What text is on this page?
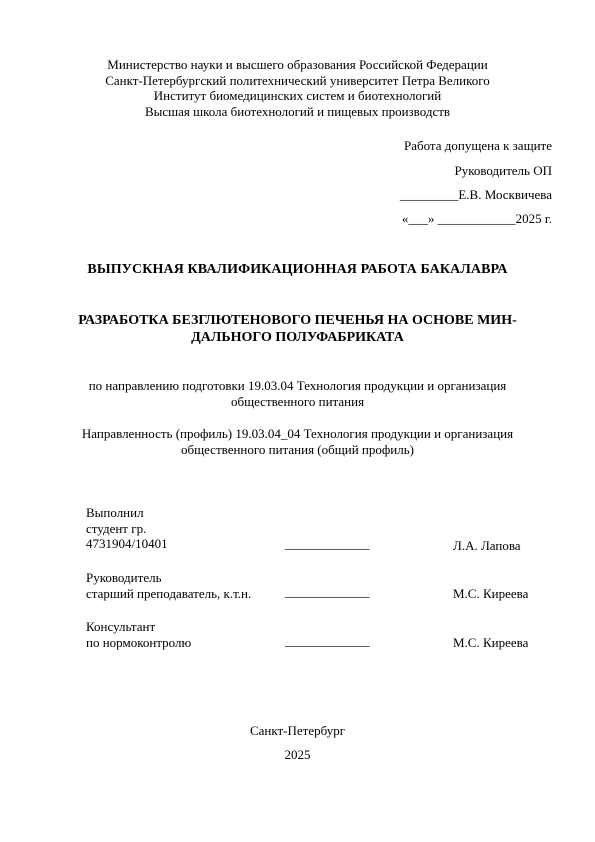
Министерство науки и высшего образования Российской Федерации
Санкт-Петербургский политехнический университет Петра Великого
Институт биомедицинских систем и биотехнологий
Высшая школа биотехнологий и пищевых производств
Работа допущена к защите
Руководитель ОП
_________Е.В. Москвичева
«___» ____________2025 г.
ВЫПУСКНАЯ КВАЛИФИКАЦИОННАЯ РАБОТА БАКАЛАВРА
РАЗРАБОТКА БЕЗГЛЮТЕНОВОГО ПЕЧЕНЬЯ НА ОСНОВЕ МИН-
ДАЛЬНОГО ПОЛУФАБРИКАТА
по направлению подготовки 19.03.04 Технология продукции и организация
общественного питания
Направленность (профиль) 19.03.04_04 Технология продукции и организация
общественного питания (общий профиль)
Выполнил
студент гр.
4731904/10401	_____________	Л.А. Лапова
Руководитель
старший преподаватель, к.т.н.	_____________	М.С. Киреева
Консультант
по нормоконтролю	_____________	М.С. Киреева
Санкт-Петербург
2025
